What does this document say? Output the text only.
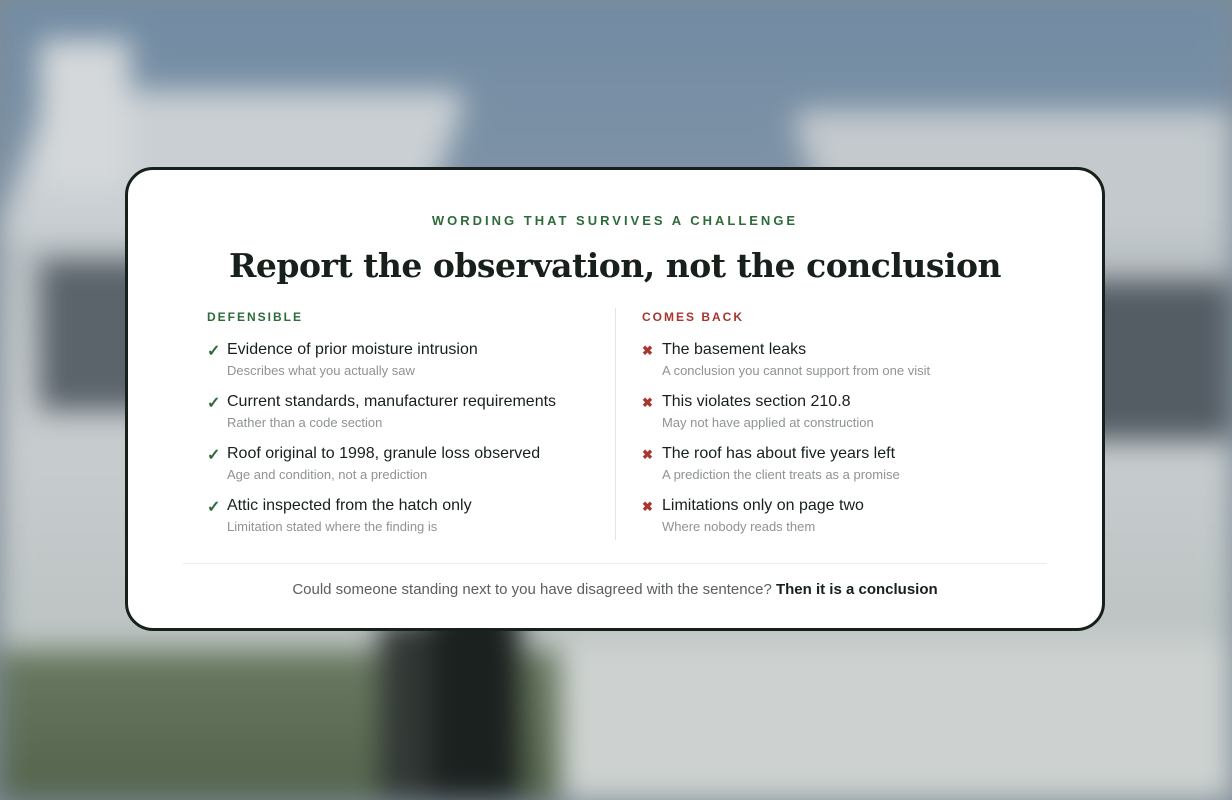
WORDING THAT SURVIVES A CHALLENGE
Report the observation, not the conclusion
DEFENSIBLE
✓ Evidence of prior moisture intrusion
Describes what you actually saw
✓ Current standards, manufacturer requirements
Rather than a code section
✓ Roof original to 1998, granule loss observed
Age and condition, not a prediction
✓ Attic inspected from the hatch only
Limitation stated where the finding is
COMES BACK
✖ The basement leaks
A conclusion you cannot support from one visit
✖ This violates section 210.8
May not have applied at construction
✖ The roof has about five years left
A prediction the client treats as a promise
✖ Limitations only on page two
Where nobody reads them
Could someone standing next to you have disagreed with the sentence? Then it is a conclusion
